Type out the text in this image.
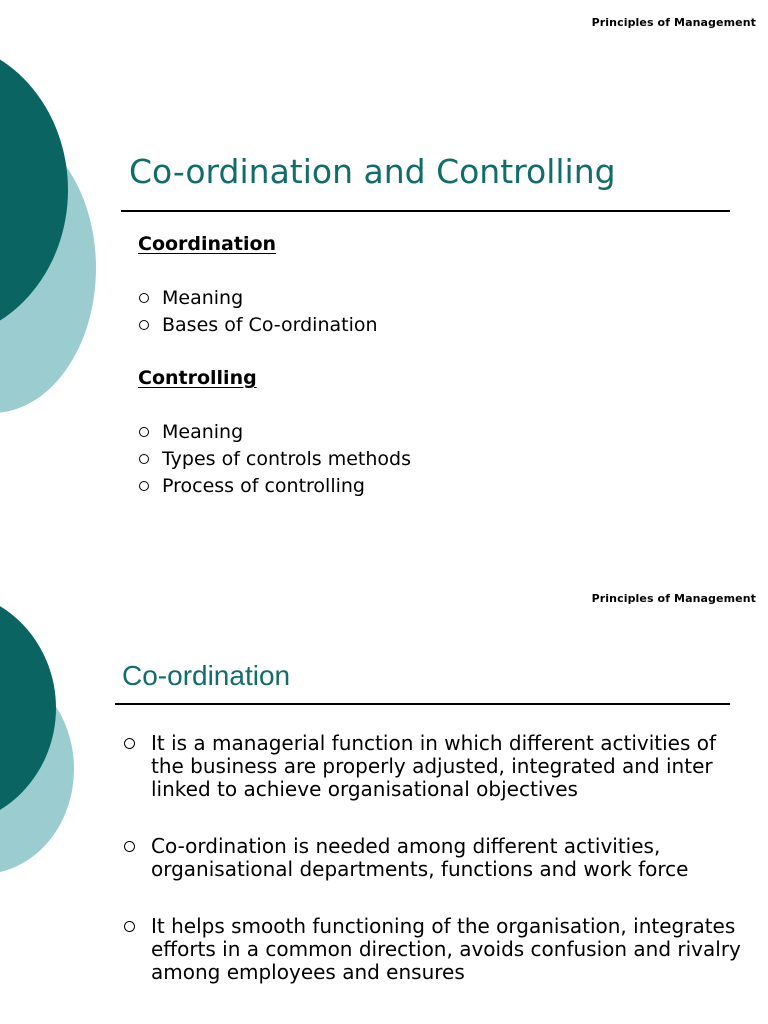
Principles of Management
Co-ordination and Controlling
Coordination
Meaning
Bases of Co-ordination
Controlling
Meaning
Types of controls methods
Process of controlling
Principles of Management
Co-ordination
It is a managerial function in which different activities of the business are properly adjusted, integrated and inter linked to achieve organisational objectives
Co-ordination is needed among different activities, organisational departments, functions and work force
It helps smooth functioning of the organisation, integrates efforts in a common direction, avoids confusion and rivalry among employees and ensures
